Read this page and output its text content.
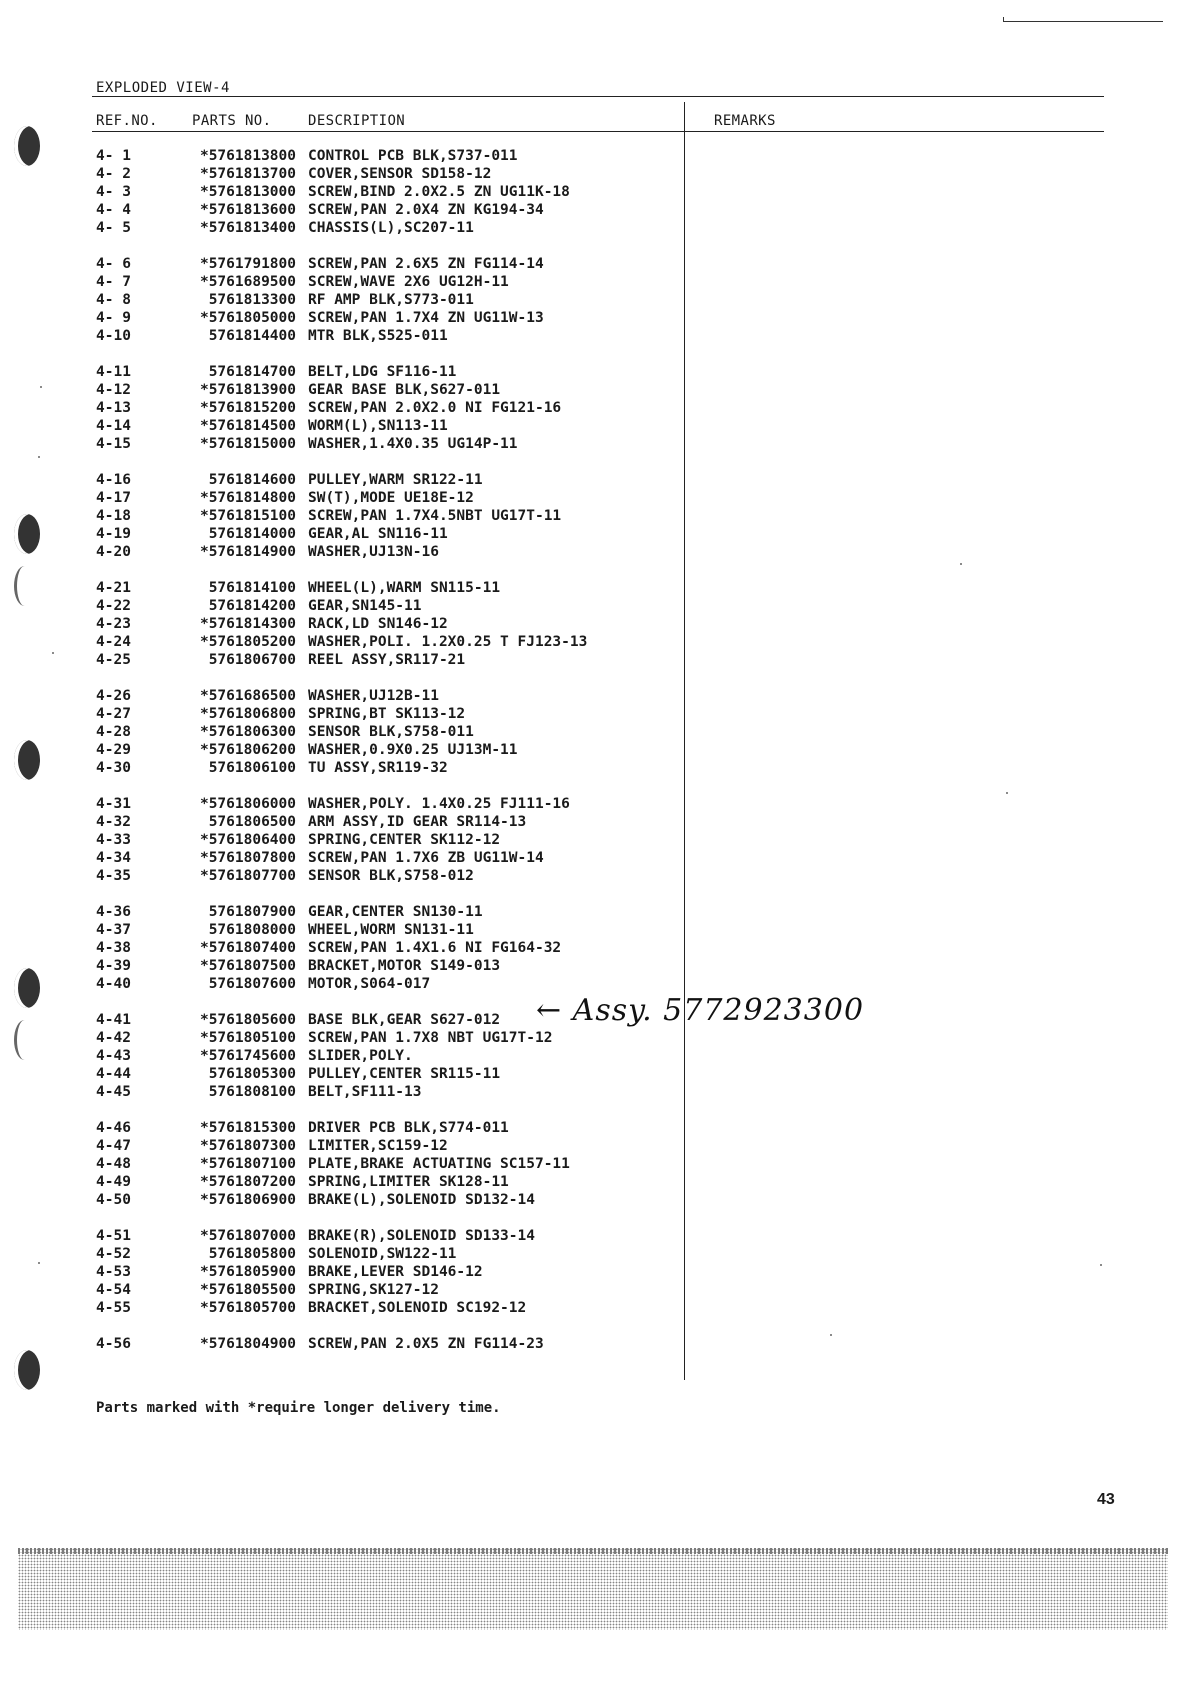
EXPLODED VIEW-4
REF.NO. PARTS NO.	DESCRIPTION	REMARKS
4- 1	*5761813800 CONTROL PCB BLK,S737-011
4- 2	*5761813700 COVER,SENSOR SD158-12
4- 3	*5761813000 SCREW,BIND 2.0X2.5 ZN UG11K-18
4- 4	*5761813600 SCREW,PAN 2.0X4 ZN KG194-34
4- 5	*5761813400 CHASSIS(L),SC207-11
4- 6	*5761791800 SCREW,PAN 2.6X5 ZN FG114-14
4- 7	*5761689500 SCREW,WAVE 2X6 UG12H-11
4- 8	5761813300 RF AMP BLK,S773-011
4- 9	*5761805000 SCREW,PAN 1.7X4 ZN UG11W-13
4-10	5761814400 MTR BLK,S525-011
4-11	5761814700 BELT,LDG SF116-11
4-12	*5761813900 GEAR BASE BLK,S627-011
4-13	*5761815200 SCREW,PAN 2.0X2.0 NI FG121-16
4-14	*5761814500 WORM(L),SN113-11
4-15	*5761815000 WASHER,1.4X0.35 UG14P-11
4-16	5761814600 PULLEY,WARM SR122-11
4-17	*5761814800 SW(T),MODE UE18E-12
4-18	*5761815100 SCREW,PAN 1.7X4.5NBT UG17T-11
4-19	5761814000 GEAR,AL SN116-11
4-20	*5761814900 WASHER,UJ13N-16
4-21	5761814100 WHEEL(L),WARM SN115-11
4-22	5761814200 GEAR,SN145-11
4-23	*5761814300 RACK,LD SN146-12
4-24	*5761805200 WASHER,POLI. 1.2X0.25 T FJ123-13
4-25	5761806700 REEL ASSY,SR117-21
4-26	*5761686500 WASHER,UJ12B-11
4-27	*5761806800 SPRING,BT SK113-12
4-28	*5761806300 SENSOR BLK,S758-011
4-29	*5761806200 WASHER,0.9X0.25 UJ13M-11
4-30	5761806100 TU ASSY,SR119-32
4-31	*5761806000 WASHER,POLY. 1.4X0.25 FJ111-16
4-32	5761806500 ARM ASSY,ID GEAR SR114-13
4-33	*5761806400 SPRING,CENTER SK112-12
4-34	*5761807800 SCREW,PAN 1.7X6 ZB UG11W-14
4-35	*5761807700 SENSOR BLK,S758-012
4-36	5761807900 GEAR,CENTER SN130-11
4-37	5761808000 WHEEL,WORM SN131-11
4-38	*5761807400 SCREW,PAN 1.4X1.6 NI FG164-32
4-39	*5761807500 BRACKET,MOTOR S149-013
4-40	5761807600 MOTOR,S064-017
4-41	*5761805600 BASE BLK,GEAR S627-012
4-42	*5761805100 SCREW,PAN 1.7X8 NBT UG17T-12
4-43	*5761745600 SLIDER,POLY.
4-44	5761805300 PULLEY,CENTER SR115-11
4-45	5761808100 BELT,SF111-13
4-46	*5761815300 DRIVER PCB BLK,S774-011
4-47	*5761807300 LIMITER,SC159-12
4-48	*5761807100 PLATE,BRAKE ACTUATING SC157-11
4-49	*5761807200 SPRING,LIMITER SK128-11
4-50	*5761806900 BRAKE(L),SOLENOID SD132-14
4-51	*5761807000 BRAKE(R),SOLENOID SD133-14
4-52	5761805800 SOLENOID,SW122-11
4-53	*5761805900 BRAKE,LEVER SD146-12
4-54	*5761805500 SPRING,SK127-12
4-55	*5761805700 BRACKET,SOLENOID SC192-12
4-56	*5761804900 SCREW,PAN 2.0X5 ZN FG114-23
← Assy. 5772923300
Parts marked with *require longer delivery time.
43
